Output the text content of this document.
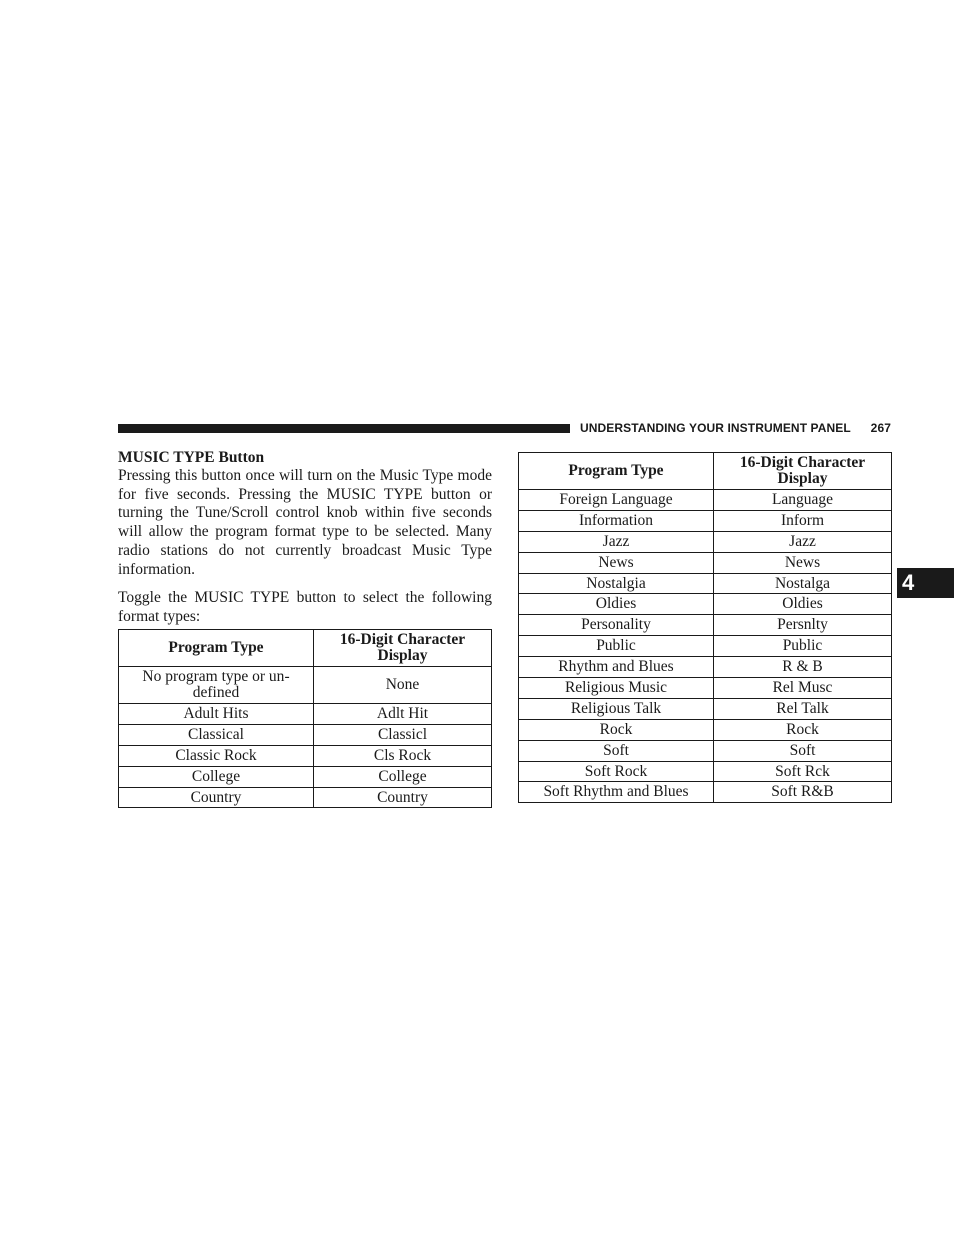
UNDERSTANDING YOUR INSTRUMENT PANEL 267
4

MUSIC TYPE Button

Pressing this button once will turn on the Music Type mode for five seconds. Pressing the MUSIC TYPE button or turning the Tune/Scroll control knob within five seconds will allow the program format type to be selected. Many radio stations do not currently broadcast Music Type information.

Toggle the MUSIC TYPE button to select the following format types:

Program Type	16-Digit Character Display
No program type or undefined	None
Adult Hits	Adlt Hit
Classical	Classicl
Classic Rock	Cls Rock
College	College
Country	Country
Program Type	16-Digit Character Display
Foreign Language	Language
Information	Inform
Jazz	Jazz
News	News
Nostalgia	Nostalga
Oldies	Oldies
Personality	Persnlty
Public	Public
Rhythm and Blues	R & B
Religious Music	Rel Musc
Religious Talk	Rel Talk
Rock	Rock
Soft	Soft
Soft Rock	Soft Rck
Soft Rhythm and Blues	Soft R&B
